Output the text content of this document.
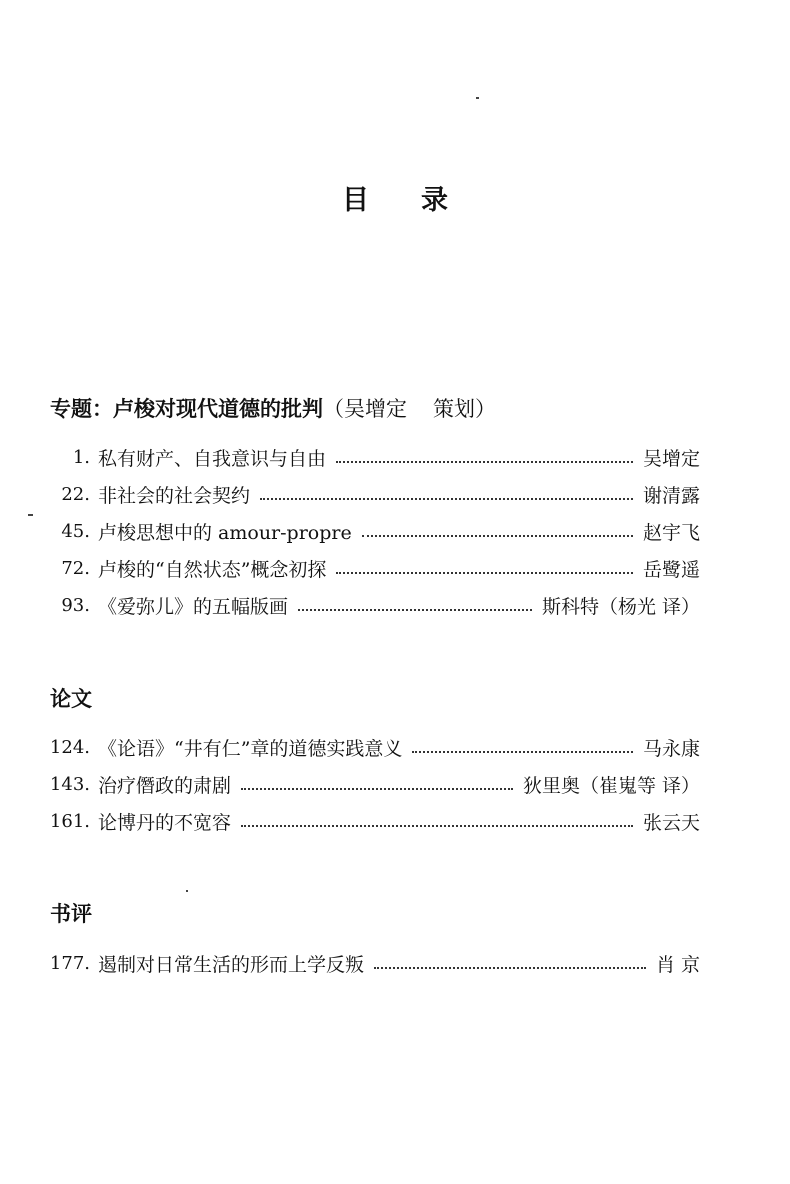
目 录
专题：卢梭对现代道德的批判（吴增定 策划）
1. 私有财产、自我意识与自由	吴增定
22. 非社会的社会契约	谢清露
45. 卢梭思想中的 amour-propre	赵宇飞
72. 卢梭的“自然状态”概念初探	岳鹭遥
93. 《爱弥儿》的五幅版画	斯科特（杨光 译）
论文
124. 《论语》“井有仁”章的道德实践意义	马永康
143. 治疗僭政的肃剧	狄里奥（崔嵬等 译）
161. 论博丹的不宽容	张云天
书评
177. 遏制对日常生活的形而上学反叛	肖 京
